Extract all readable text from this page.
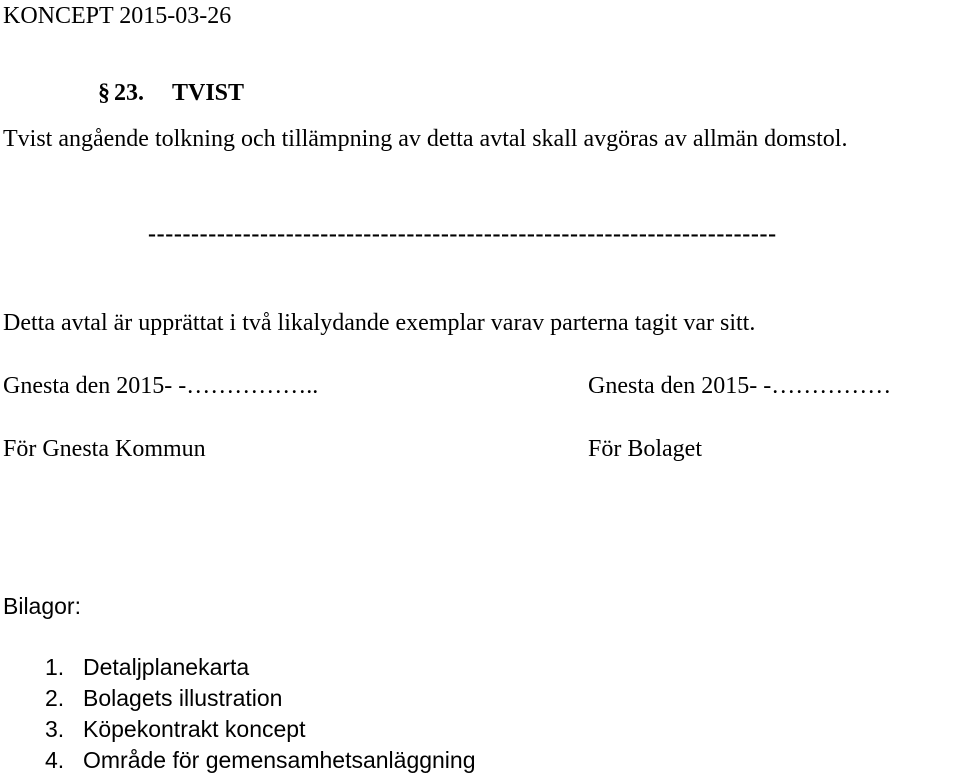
KONCEPT 2015-03-26
§ 23. TVIST
Tvist angående tolkning och tillämpning av detta avtal skall avgöras av allmän domstol.
-------------------------------------------------------------------------
Detta avtal är upprättat i två likalydande exemplar varav parterna tagit var sitt.
Gnesta den 2015- -……………..	Gnesta den 2015- -……………
För Gnesta Kommun	För Bolaget
Bilagor:
1. Detaljplanekarta
2. Bolagets illustration
3. Köpekontrakt koncept
4. Område för gemensamhetsanläggning
